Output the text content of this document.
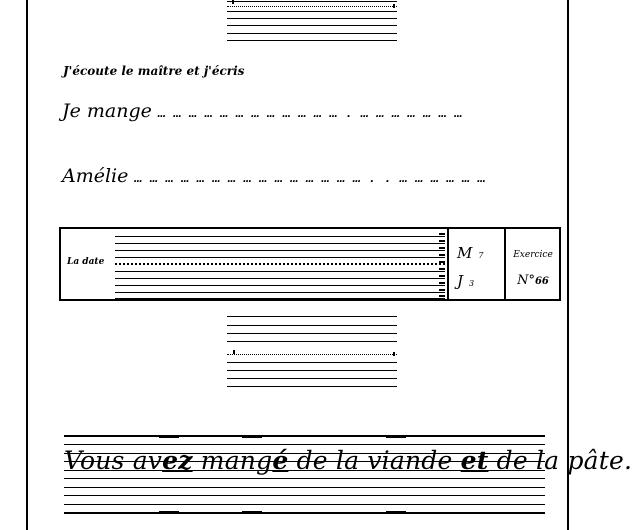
J'écoute le maître et j'écris
Je mange … … … … … … … … … … … … . … … … … … … …
Amélie … … … … … … … … … … … … … … … . . … … … … … …
La date	M 7
J 3
Exercice
N°66
Vous avez mangé de la viande et de la pâte.
